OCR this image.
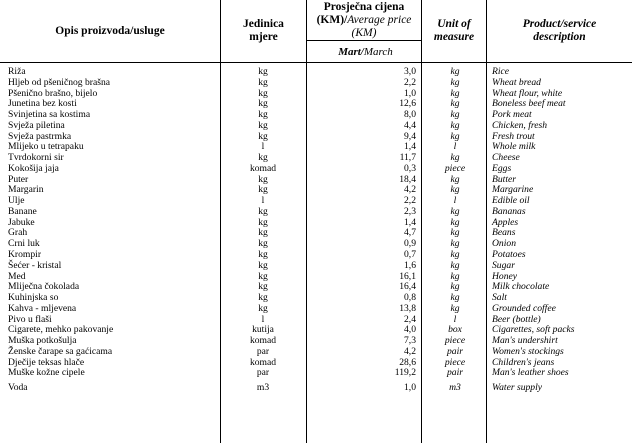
Opis proizvoda/usluge
Jedinica mjere
Prosječna cijena (KM)/Average price (KM)
Mart/ March
Unit of measure
Product/service description
Riža	kg	3,0	kg	Rice
Hljeb od pšeničnog brašna	kg	2,2	kg	Wheat bread
Pšenično brašno, bijelo	kg	1,0	kg	Wheat flour, white
Junetina bez kosti	kg	12,6	kg	Boneless beef meat
Svinjetina sa kostima	kg	8,0	kg	Pork meat
Svježa piletina	kg	4,4	kg	Chicken, fresh
Svježa pastrmka	kg	9,4	kg	Fresh trout
Mlijeko u tetrapaku	l	1,4	l	Whole milk
Tvrdokorni sir	kg	11,7	kg	Cheese
Kokošija jaja	komad	0,3	piece	Eggs
Puter	kg	18,4	kg	Butter
Margarin	kg	4,2	kg	Margarine
Ulje	l	2,2	l	Edible oil
Banane	kg	2,3	kg	Bananas
Jabuke	kg	1,4	kg	Apples
Grah	kg	4,7	kg	Beans
Crni luk	kg	0,9	kg	Onion
Krompir	kg	0,7	kg	Potatoes
Šećer - kristal	kg	1,6	kg	Sugar
Med	kg	16,1	kg	Honey
Mliječna čokolada	kg	16,4	kg	Milk chocolate
Kuhinjska so	kg	0,8	kg	Salt
Kahva - mljevena	kg	13,8	kg	Grounded coffee
Pivo u flaši	l	2,4	l	Beer (bottle)
Cigarete, mehko pakovanje	kutija	4,0	box	Cigarettes, soft packs
Muška potkošulja	komad	7,3	piece	Man's undershirt
Ženske čarape sa gaćicama	par	4,2	pair	Women's stockings
Dječije teksas hlače	komad	28,6	piece	Children's jeans
Muške kožne cipele	par	119,2	pair	Man's leather shoes
Voda	m3	1,0	m3	Water supply
